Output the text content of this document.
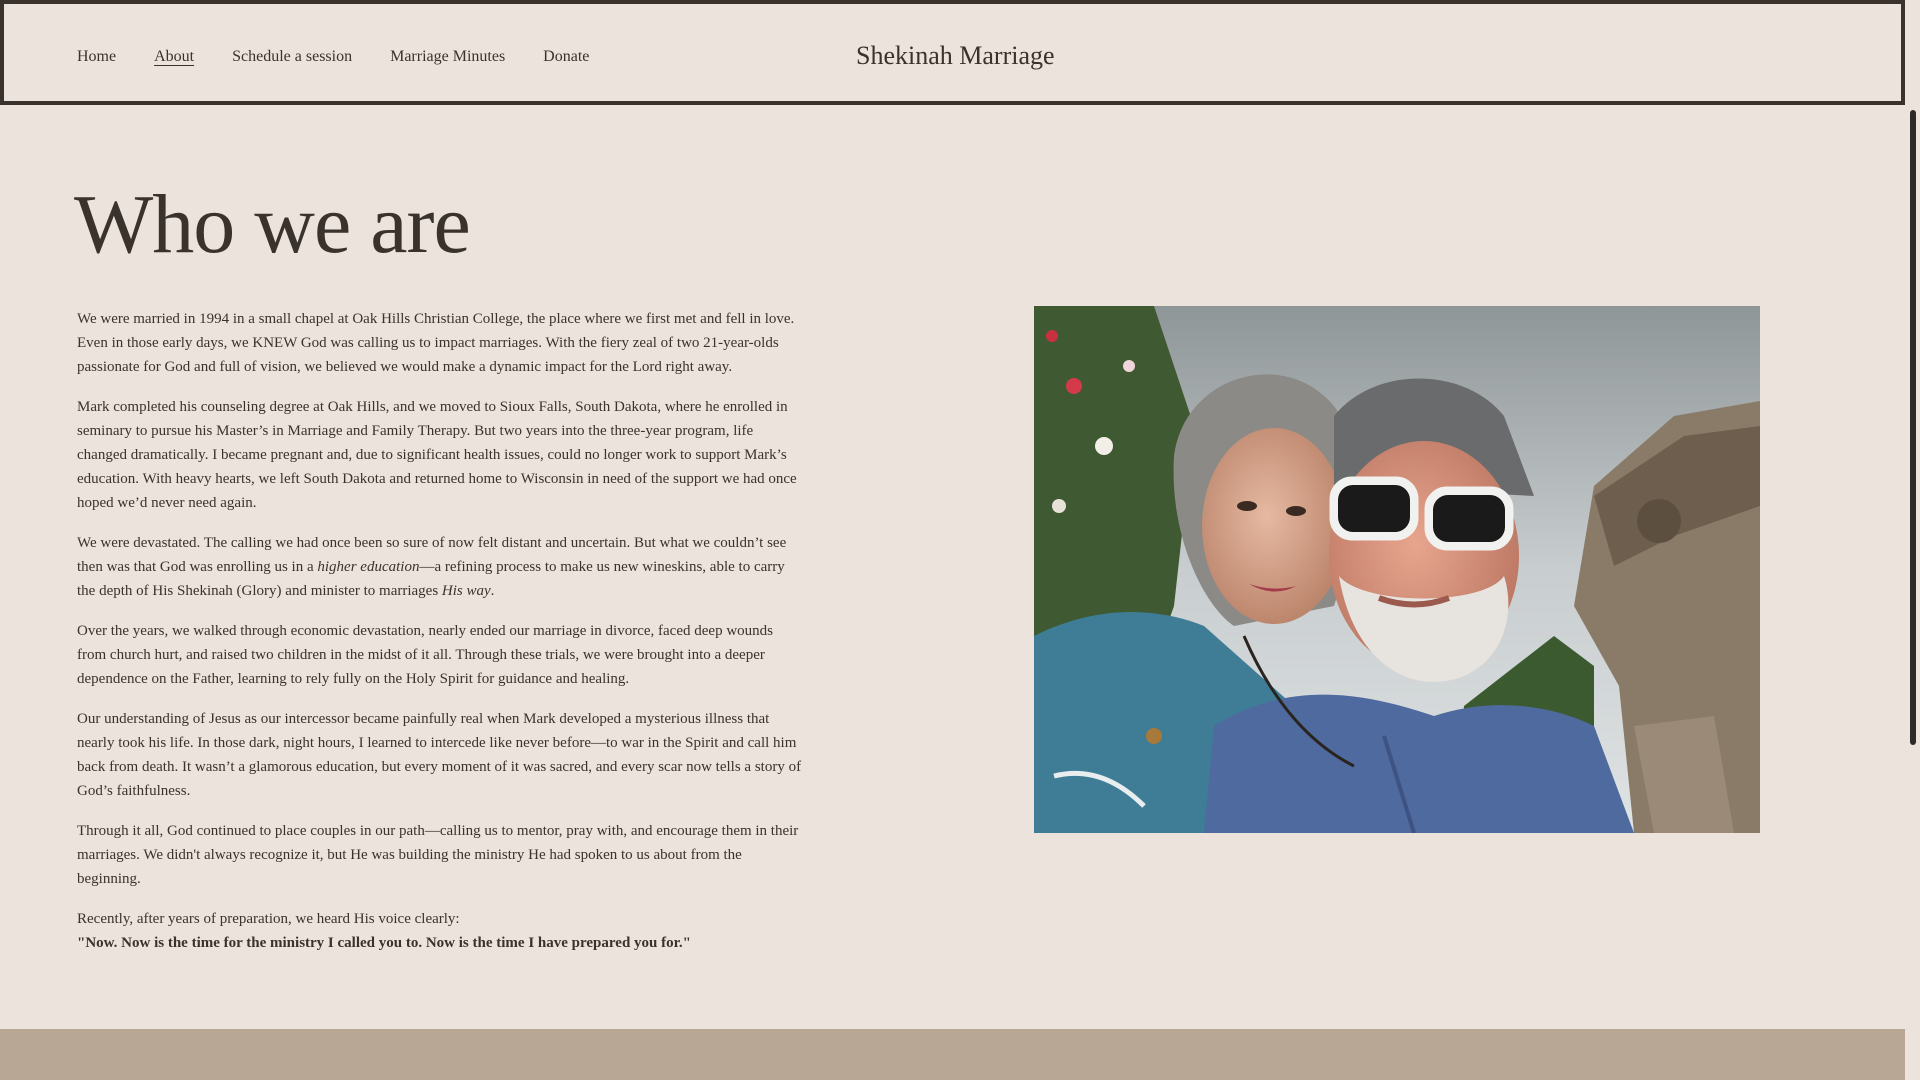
Home About Schedule a session Marriage Minutes Donate	Shekinah Marriage
Who we are

We were married in 1994 in a small chapel at Oak Hills Christian College, the place where we first met and fell in love. Even in those early days, we KNEW God was calling us to impact marriages. With the fiery zeal of two 21-year-olds passionate for God and full of vision, we believed we would make a dynamic impact for the Lord right away.

Mark completed his counseling degree at Oak Hills, and we moved to Sioux Falls, South Dakota, where he enrolled in seminary to pursue his Master’s in Marriage and Family Therapy. But two years into the three-year program, life changed dramatically. I became pregnant and, due to significant health issues, could no longer work to support Mark’s education. With heavy hearts, we left South Dakota and returned home to Wisconsin in need of the support we had once hoped we’d never need again.

We were devastated. The calling we had once been so sure of now felt distant and uncertain. But what we couldn’t see then was that God was enrolling us in a higher education—a refining process to make us new wineskins, able to carry the depth of His Shekinah (Glory) and minister to marriages His way.

Over the years, we walked through economic devastation, nearly ended our marriage in divorce, faced deep wounds from church hurt, and raised two children in the midst of it all. Through these trials, we were brought into a deeper dependence on the Father, learning to rely fully on the Holy Spirit for guidance and healing.

Our understanding of Jesus as our intercessor became painfully real when Mark developed a mysterious illness that nearly took his life. In those dark, night hours, I learned to intercede like never before—to war in the Spirit and call him back from death. It wasn’t a glamorous education, but every moment of it was sacred, and every scar now tells a story of God’s faithfulness.

Through it all, God continued to place couples in our path—calling us to mentor, pray with, and encourage them in their marriages. We didn't always recognize it, but He was building the ministry He had spoken to us about from the beginning.

Recently, after years of preparation, we heard His voice clearly:
"Now. Now is the time for the ministry I called you to. Now is the time I have prepared you for."
